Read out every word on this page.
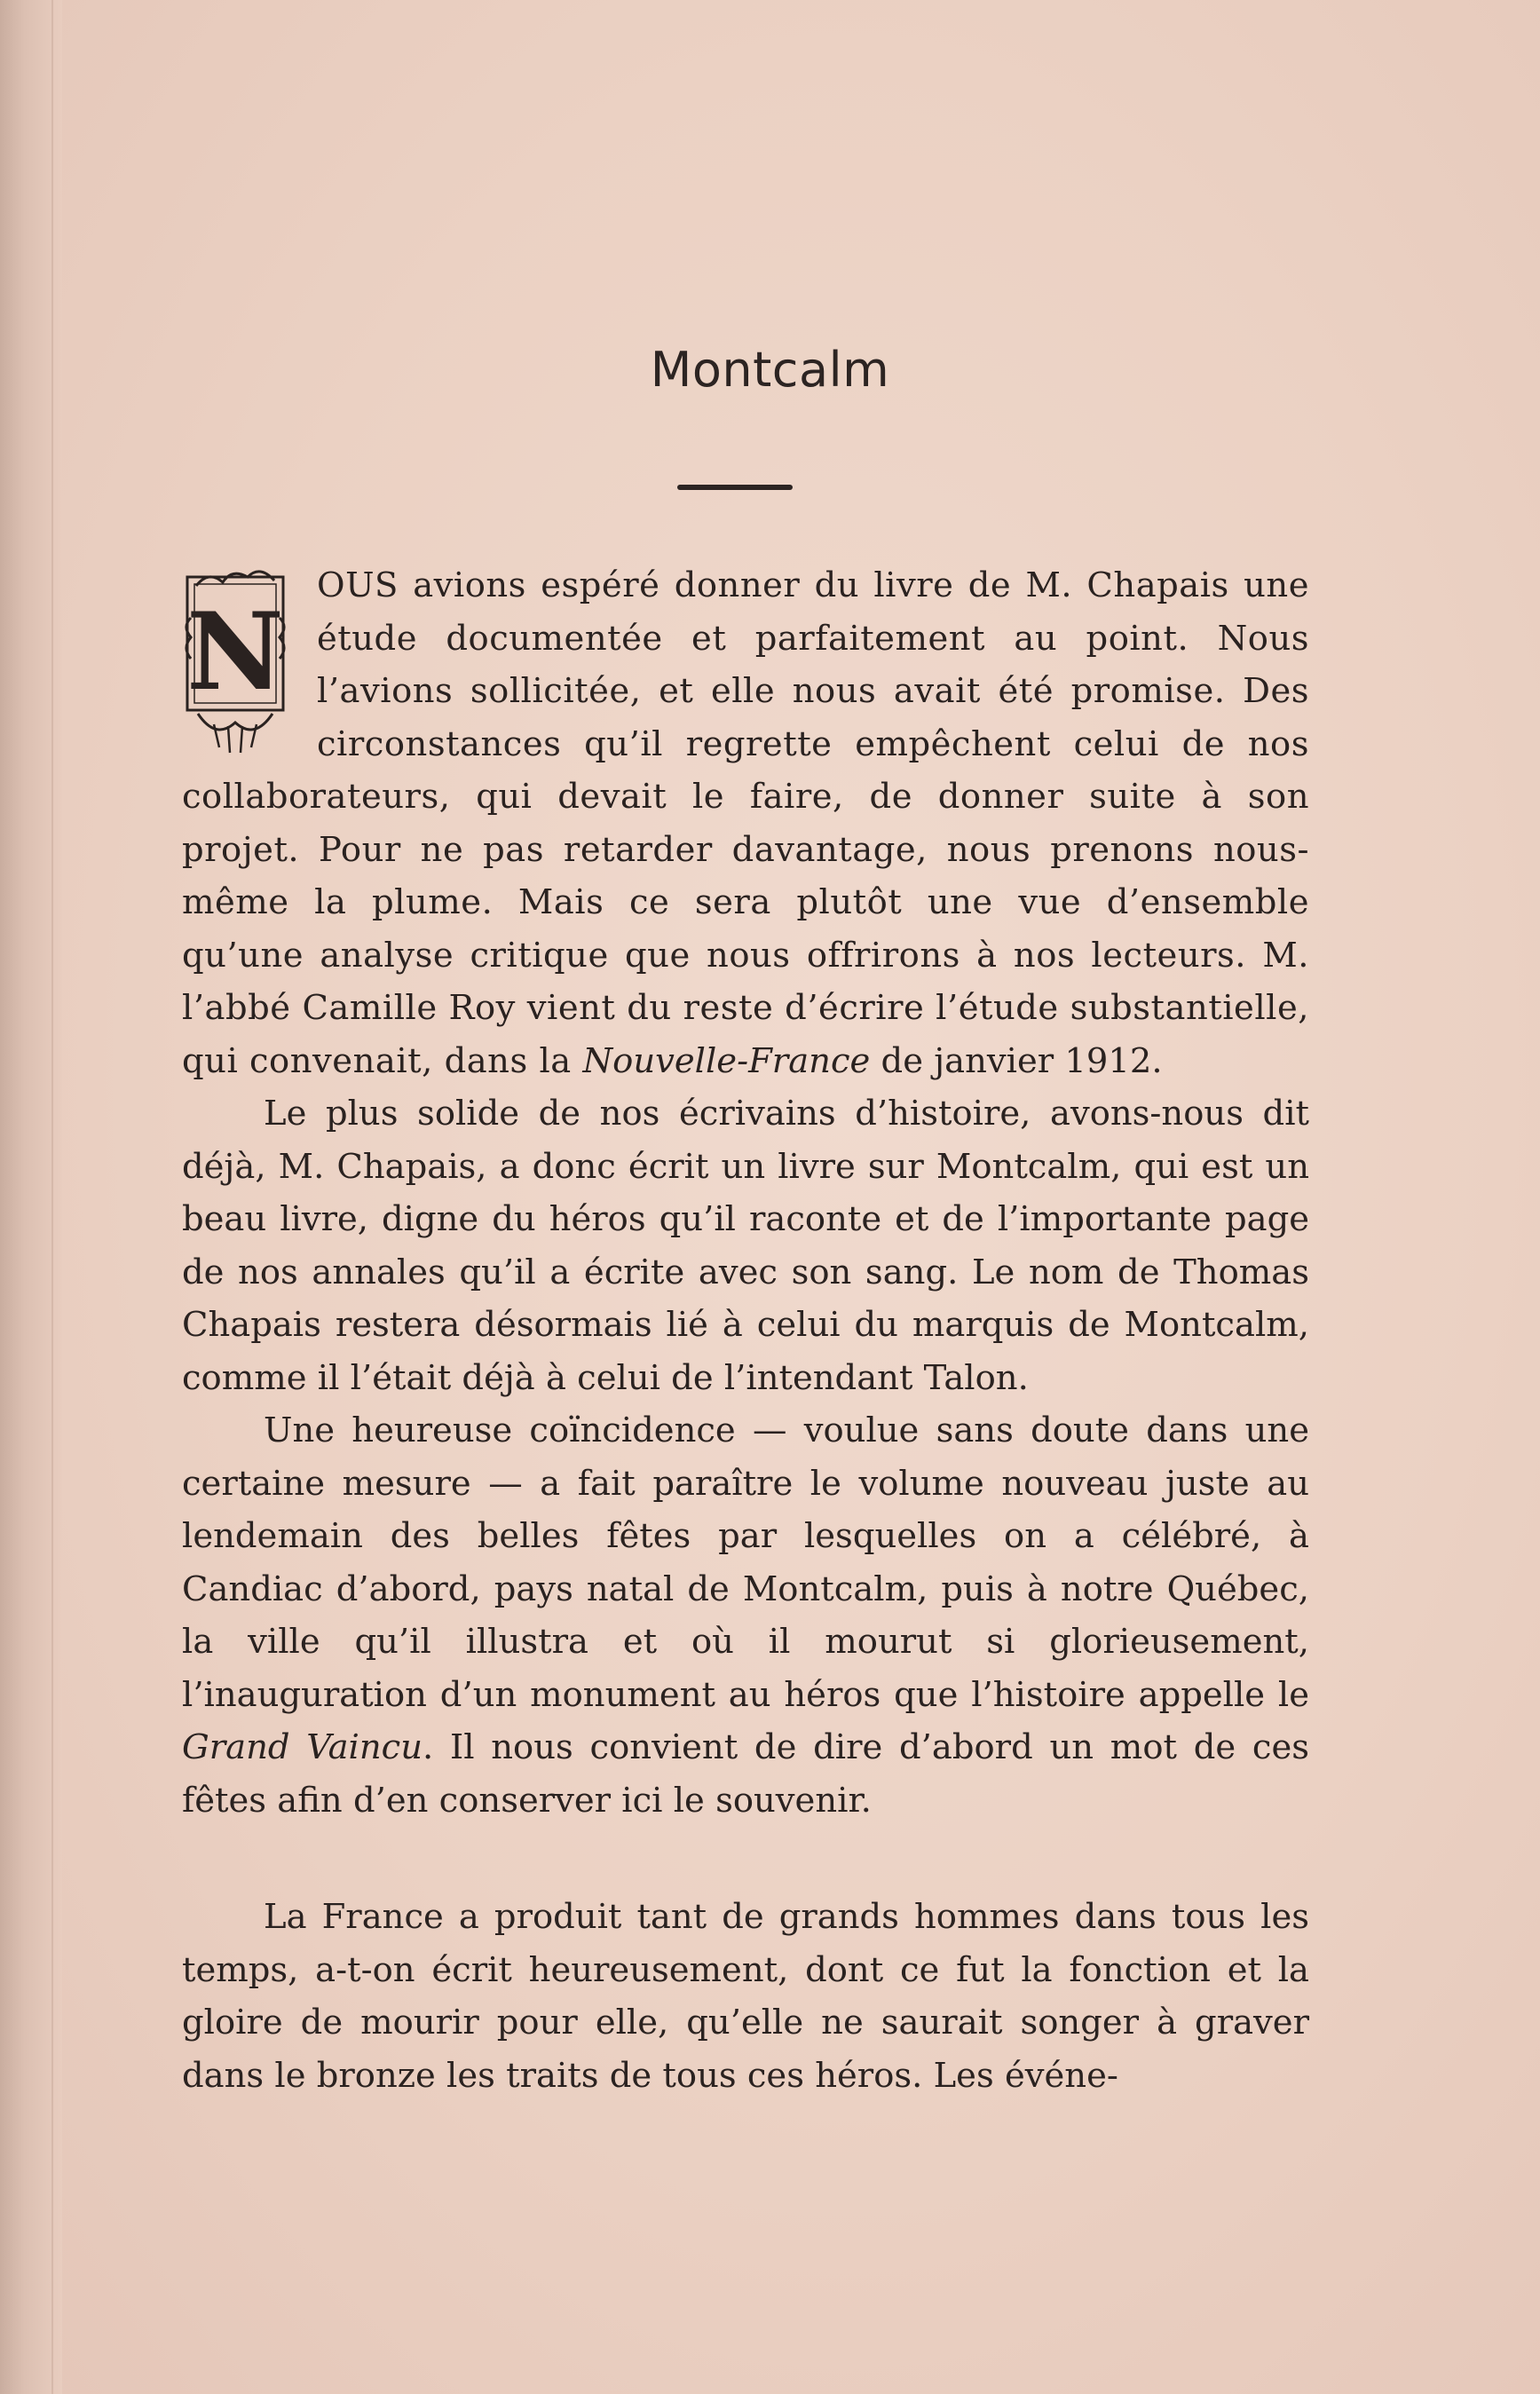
Montcalm

N
OUS avions espéré donner du livre de M. Chapais une étude documentée et parfaitement au point. Nous l’avions sollicitée, et elle nous avait été promise. Des circonstances qu’il regrette empêchent celui de nos collaborateurs, qui devait le faire, de donner suite à son projet. Pour ne pas retarder davantage, nous prenons nous-même la plume. Mais ce sera plutôt une vue d’ensemble qu’une analyse critique que nous offrirons à nos lecteurs. M. l’abbé Camille Roy vient du reste d’écrire l’étude substantielle, qui convenait, dans la Nouvelle-France de janvier 1912.

Le plus solide de nos écrivains d’histoire, avons-nous dit déjà, M. Chapais, a donc écrit un livre sur Montcalm, qui est un beau livre, digne du héros qu’il raconte et de l’importante page de nos annales qu’il a écrite avec son sang. Le nom de Thomas Chapais restera désormais lié à celui du marquis de Montcalm, comme il l’était déjà à celui de l’intendant Talon.

Une heureuse coïncidence — voulue sans doute dans une certaine mesure — a fait paraître le volume nouveau juste au lendemain des belles fêtes par lesquelles on a célébré, à Candiac d’abord, pays natal de Montcalm, puis à notre Québec, la ville qu’il illustra et où il mourut si glorieusement, l’inauguration d’un monument au héros que l’histoire appelle le Grand Vaincu. Il nous convient de dire d’abord un mot de ces fêtes afin d’en conserver ici le souvenir.

La France a produit tant de grands hommes dans tous les temps, a-t-on écrit heureusement, dont ce fut la fonction et la gloire de mourir pour elle, qu’elle ne saurait songer à graver dans le bronze les traits de tous ces héros. Les événe-
